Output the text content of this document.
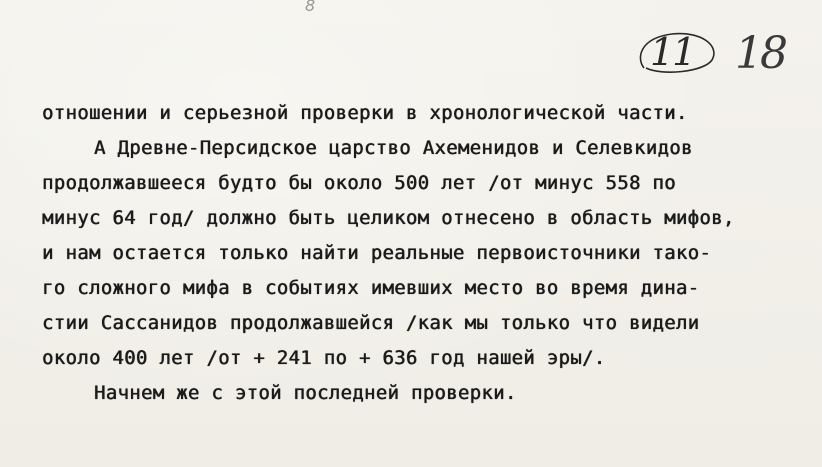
8
11 18
отношении и серьезной проверки в хронологической части.
А Древне-Персидское царство Ахеменидов и Селевкидов
продолжавшееся будто бы около 500 лет /от минус 558 по
минус 64 год/ должно быть целиком отнесено в область мифов,
и нам остается только найти реальные первоисточники тако-
го сложного мифа в событиях имевших место во время дина-
стии Сассанидов продолжавшейся /как мы только что видели
около 400 лет /от + 241 по + 636 год нашей эры/.
Начнем же с этой последней проверки.
